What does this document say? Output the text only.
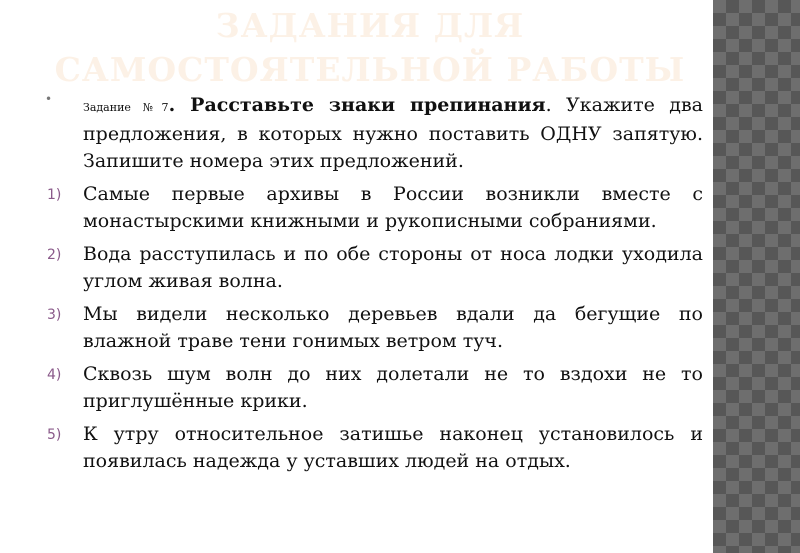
ЗАДАНИЯ ДЛЯ САМОСТОЯТЕЛЬНОЙ РАБОТЫ
•
Задание №7. Расставьте знаки препинания. Укажите два предложения, в которых нужно поставить ОДНУ запятую. Запишите номера этих предложений.
1) Самые первые архивы в России возникли вместе с монастырскими книжными и рукописными собраниями.
2) Вода расступилась и по обе стороны от носа лодки уходила углом живая волна.
3) Мы видели несколько деревьев вдали да бегущие по влажной траве тени гонимых ветром туч.
4) Сквозь шум волн до них долетали не то вздохи не то приглушённые крики.
5) К утру относительное затишье наконец установилось и появилась надежда у уставших людей на отдых.
